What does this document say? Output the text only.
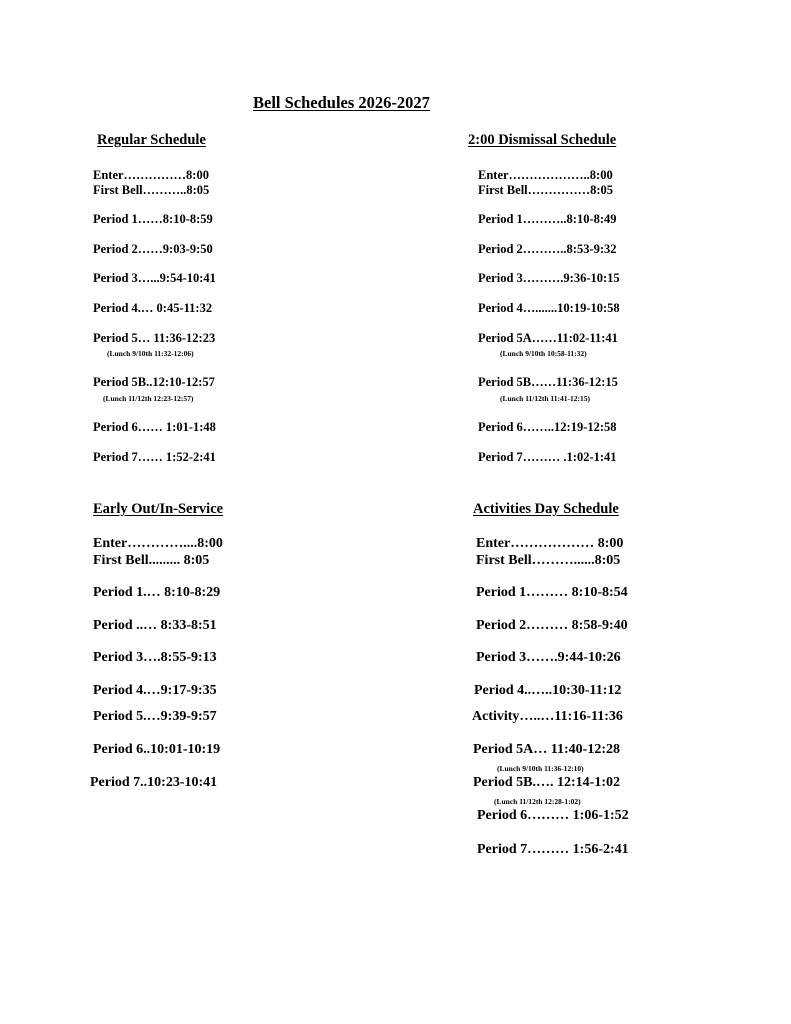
Bell Schedules 2026-2027
Regular Schedule
Enter……………8:00
First Bell………..8:05
Period 1……8:10-8:59
Period 2……9:03-9:50
Period 3…...9:54-10:41
Period 4.… 0:45-11:32
Period 5… 11:36-12:23
(Lunch 9/10th 11:32-12:06)
Period 5B..12:10-12:57
(Lunch 11/12th 12:23-12:57)
Period 6…… 1:01-1:48
Period 7…… 1:52-2:41
2:00 Dismissal Schedule
Enter………………..8:00
First Bell……………8:05
Period 1………..8:10-8:49
Period 2………..8:53-9:32
Period 3……….9:36-10:15
Period 4….......10:19-10:58
Period 5A……11:02-11:41
(Lunch 9/10th 10:58-11:32)
Period 5B……11:36-12:15
(Lunch 11/12th 11:41-12:15)
Period 6……..12:19-12:58
Period 7……… .1:02-1:41
Early Out/In-Service
Enter…………....8:00
First Bell......... 8:05
Period 1.… 8:10-8:29
Period ..… 8:33-8:51
Period 3….8:55-9:13
Period 4.…9:17-9:35
Period 5.…9:39-9:57
Period 6..10:01-10:19
Period 7..10:23-10:41
Activities Day Schedule
Enter……………… 8:00
First Bell………......8:05
Period 1……… 8:10-8:54
Period 2……… 8:58-9:40
Period 3…….9:44-10:26
Period 4..…..10:30-11:12
Activity…..…11:16-11:36
Period 5A… 11:40-12:28
(Lunch 9/10th 11:36-12:10)
Period 5B.…. 12:14-1:02
(Lunch 11/12th 12:28-1:02)
Period 6……… 1:06-1:52
Period 7……… 1:56-2:41
